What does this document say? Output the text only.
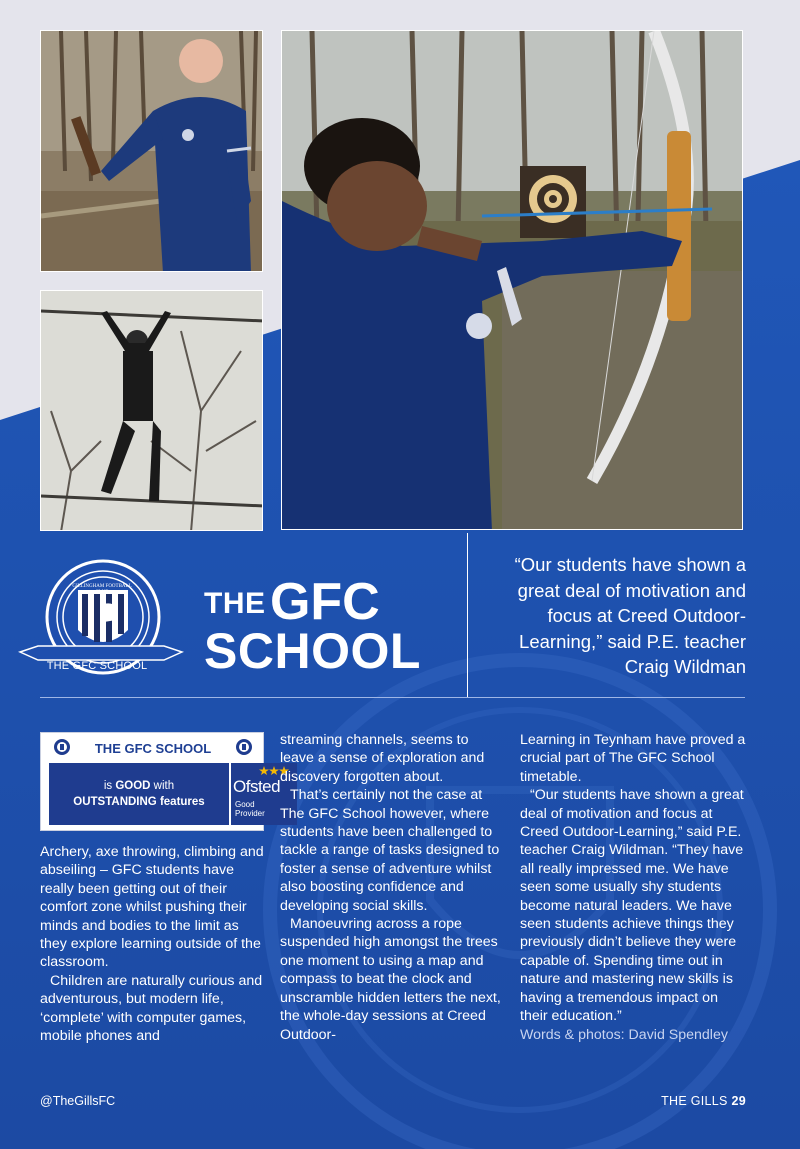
GILLINGHAM FOOTBALL CLUB
THE GFC SCHOOL
THE GFC
SCHOOL
“Our students have shown a great deal of motivation and focus at Creed Outdoor-Learning,” said P.E. teacher Craig Wildman
THE GFC SCHOOL
is GOOD with
OUTSTANDING features
Ofsted
Good
Provider

Archery, axe throwing, climbing and abseiling – GFC students have really been getting out of their comfort zone whilst pushing their minds and bodies to the limit as they explore learning outside of the classroom.

Children are naturally curious and adventurous, but modern life, ‘complete’ with computer games, mobile phones and

streaming channels, seems to leave a sense of exploration and discovery forgotten about.

That’s certainly not the case at The GFC School however, where students have been challenged to tackle a range of tasks designed to foster a sense of adventure whilst also boosting confidence and developing social skills.

Manoeuvring across a rope suspended high amongst the trees one moment to using a map and compass to beat the clock and unscramble hidden letters the next, the whole-day sessions at Creed Outdoor-

Learning in Teynham have proved a crucial part of The GFC School timetable.

“Our students have shown a great deal of motivation and focus at Creed Outdoor-Learning,” said P.E. teacher Craig Wildman. “They have all really impressed me. We have seen some usually shy students become natural leaders. We have seen students achieve things they previously didn’t believe they were capable of. Spending time out in nature and mastering new skills is having a tremendous impact on their education.”

Words & photos: David Spendley

@TheGillsFC	THE GILLS 29
